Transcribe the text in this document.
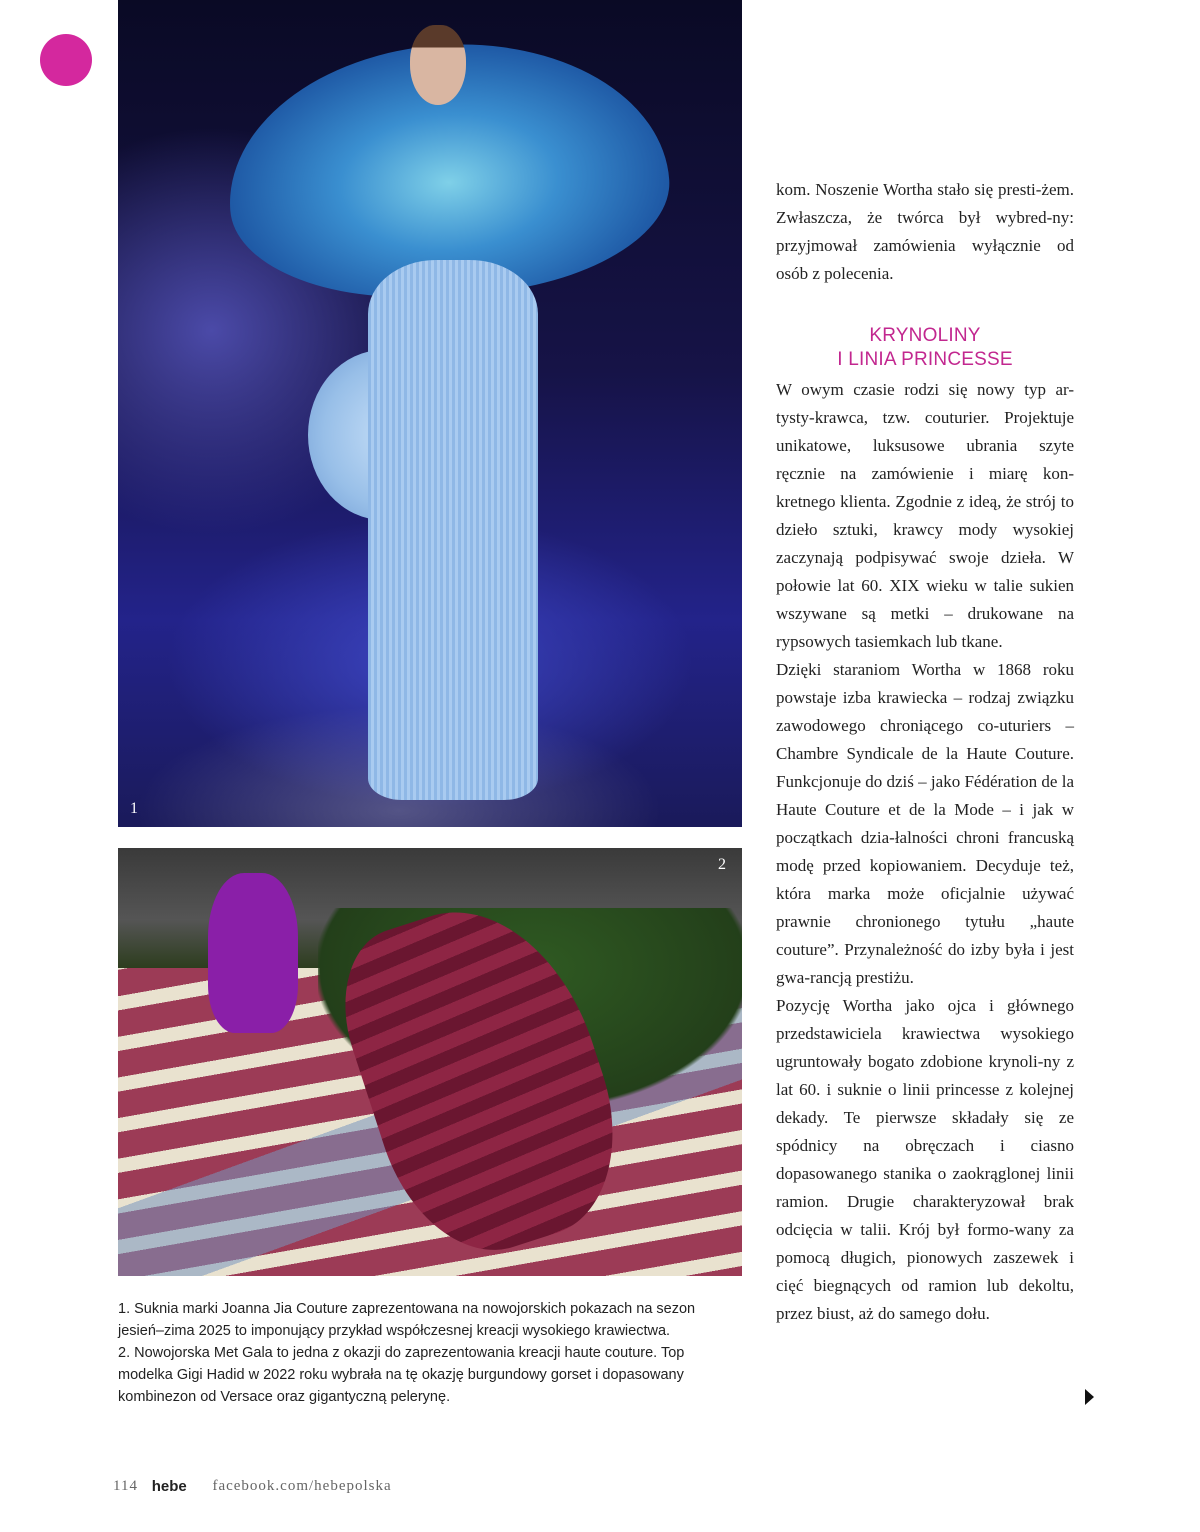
1
2

1. Suknia marki Joanna Jia Couture zaprezentowana na nowojorskich pokazach na sezon jesień–zima 2025 to imponujący przykład współczesnej kreacji wysokiego krawiectwa.

2. Nowojorska Met Gala to jedna z okazji do zaprezentowania kreacji haute couture. Top modelka Gigi Hadid w 2022 roku wybrała na tę okazję burgundowy gorset i dopasowany kombinezon od Versace oraz gigantyczną pelerynę.

kom. Noszenie Wortha stało się presti-żem. Zwłaszcza, że twórca był wybred-ny: przyjmował zamówienia wyłącznie od osób z polecenia.

KRYNOLINY
I LINIA PRINCESSE

W owym czasie rodzi się nowy typ ar-tysty-krawca, tzw. couturier. Projektuje unikatowe, luksusowe ubrania szyte ręcznie na zamówienie i miarę kon-kretnego klienta. Zgodnie z ideą, że strój to dzieło sztuki, krawcy mody wysokiej zaczynają podpisywać swoje dzieła. W połowie lat 60. XIX wieku w talie sukien wszywane są metki – drukowane na rypsowych tasiemkach lub tkane.

Dzięki staraniom Wortha w 1868 roku powstaje izba krawiecka – rodzaj związku zawodowego chroniącego co-uturiers – Chambre Syndicale de la Haute Couture. Funkcjonuje do dziś – jako Fédération de la Haute Couture et de la Mode – i jak w początkach dzia-łalności chroni francuską modę przed kopiowaniem. Decyduje też, która marka może oficjalnie używać prawnie chronionego tytułu „haute couture”. Przynależność do izby była i jest gwa-rancją prestiżu.

Pozycję Wortha jako ojca i głównego przedstawiciela krawiectwa wysokiego ugruntowały bogato zdobione krynoli-ny z lat 60. i suknie o linii princesse z kolejnej dekady. Te pierwsze składały się ze spódnicy na obręczach i ciasno dopasowanego stanika o zaokrąglonej linii ramion. Drugie charakteryzował brak odcięcia w talii. Krój był formo-wany za pomocą długich, pionowych zaszewek i cięć biegnących od ramion lub dekoltu, przez biust, aż do samego dołu.

114 hebe facebook.com/hebepolska
